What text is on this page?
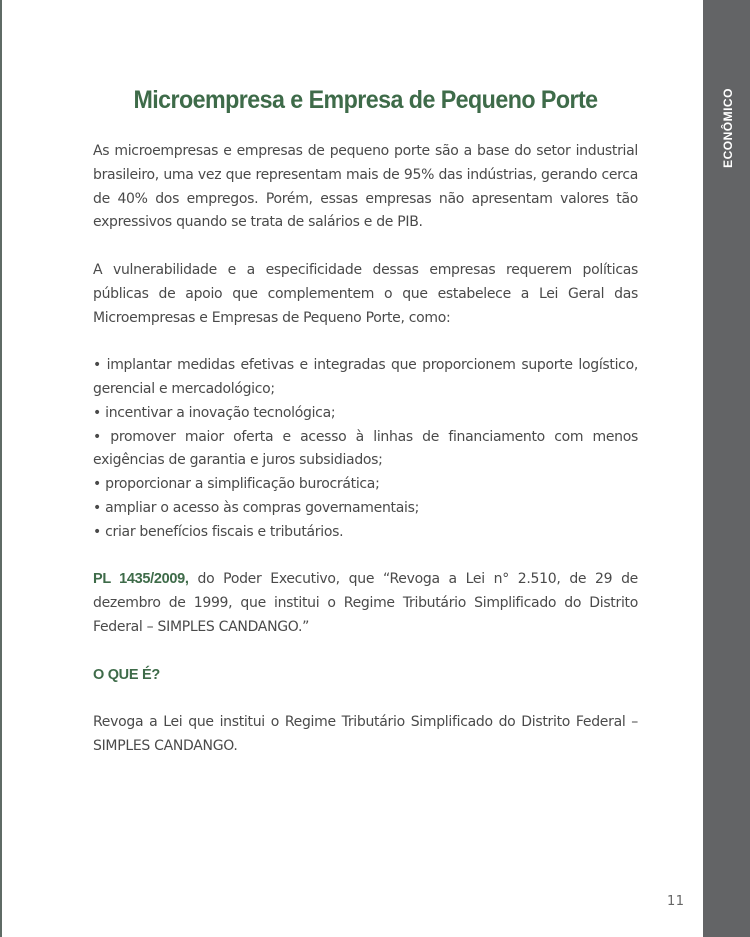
ECONÔMICO
Microempresa e Empresa de Pequeno Porte

As microempresas e empresas de pequeno porte são a base do setor industrial brasileiro, uma vez que representam mais de 95% das indústrias, gerando cerca de 40% dos empregos. Porém, essas empresas não apresentam valores tão expressivos quando se trata de salários e de PIB.

A vulnerabilidade e a especificidade dessas empresas requerem políticas públicas de apoio que complementem o que estabelece a Lei Geral das Microempresas e Empresas de Pequeno Porte, como:

• implantar medidas efetivas e integradas que proporcionem suporte logístico, gerencial e mercadológico;
• incentivar a inovação tecnológica;
• promover maior oferta e acesso à linhas de financiamento com menos exigências de garantia e juros subsidiados;
• proporcionar a simplificação burocrática;
• ampliar o acesso às compras governamentais;
• criar benefícios fiscais e tributários.

PL 1435/2009, do Poder Executivo, que “Revoga a Lei n° 2.510, de 29 de dezembro de 1999, que institui o Regime Tributário Simplificado do Distrito Federal – SIMPLES CANDANGO.”

O QUE É?

Revoga a Lei que institui o Regime Tributário Simplificado do Distrito Federal – SIMPLES CANDANGO.

11
